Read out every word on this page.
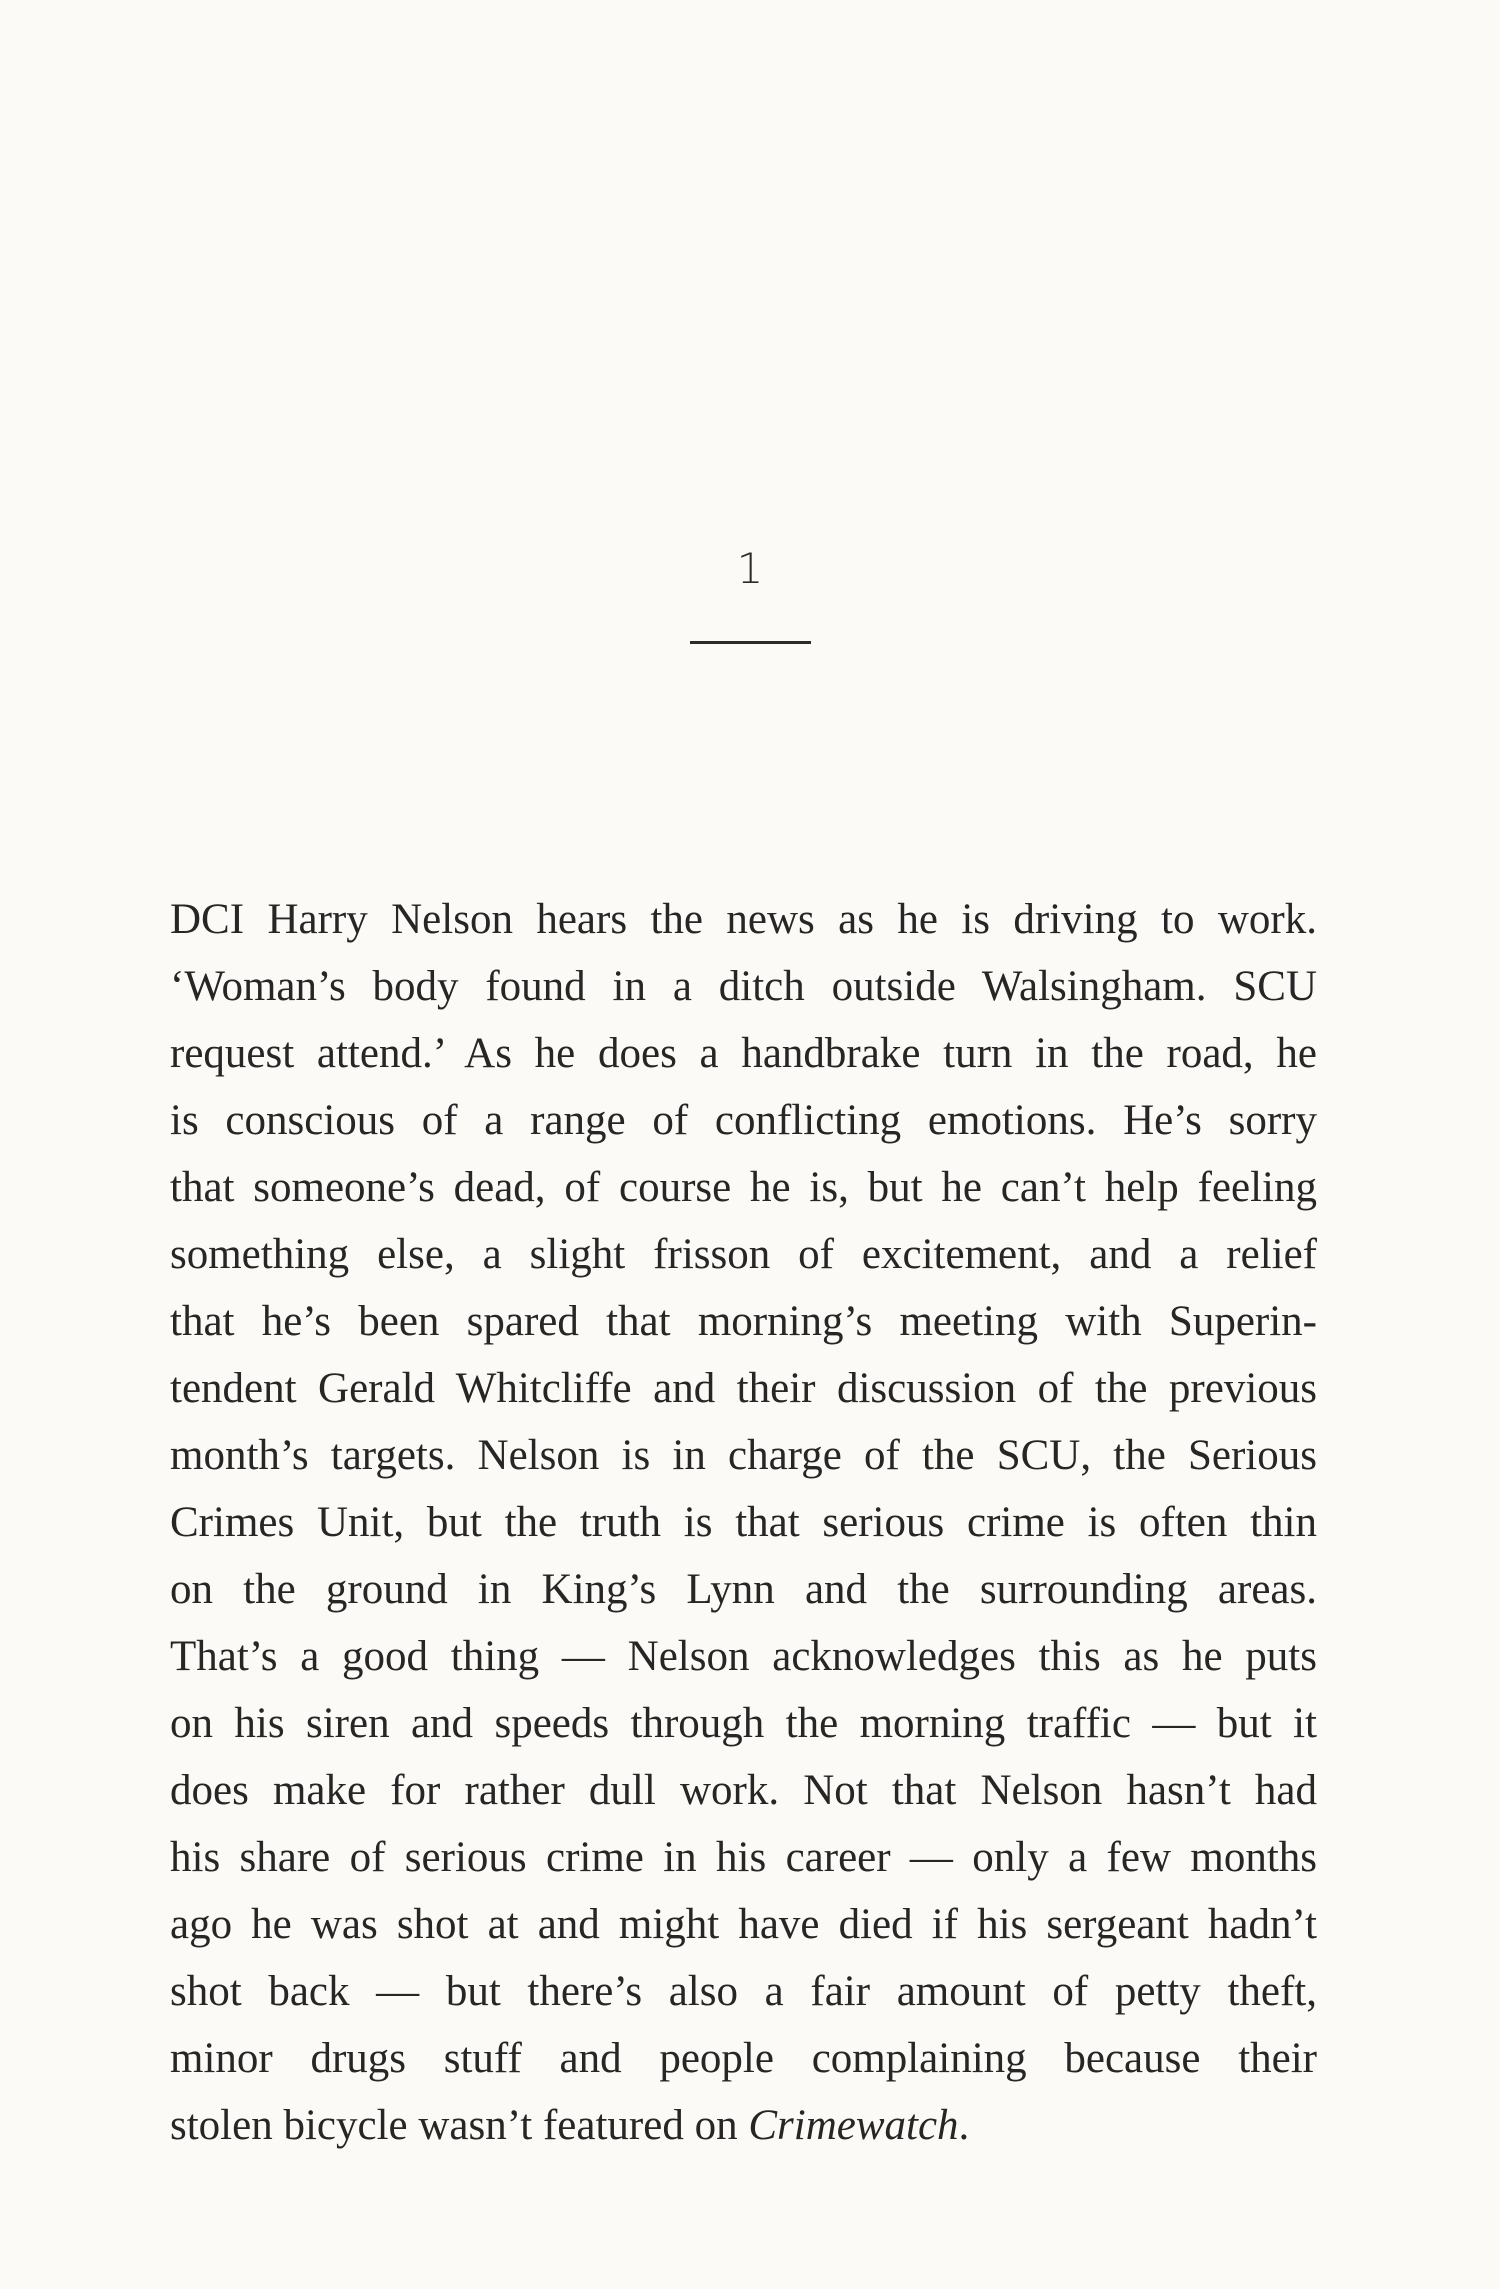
1
DCI Harry Nelson hears the news as he is driving to work.
‘Woman’s body found in a ditch outside Walsingham. SCU
request attend.’ As he does a handbrake turn in the road, he
is conscious of a range of conflicting emotions. He’s sorry
that someone’s dead, of course he is, but he can’t help feeling
something else, a slight frisson of excitement, and a relief
that he’s been spared that morning’s meeting with Superin-
tendent Gerald Whitcliffe and their discussion of the previous
month’s targets. Nelson is in charge of the SCU, the Serious
Crimes Unit, but the truth is that serious crime is often thin
on the ground in King’s Lynn and the surrounding areas.
That’s a good thing — Nelson acknowledges this as he puts
on his siren and speeds through the morning traffic — but it
does make for rather dull work. Not that Nelson hasn’t had
his share of serious crime in his career — only a few months
ago he was shot at and might have died if his sergeant hadn’t
shot back — but there’s also a fair amount of petty theft,
minor drugs stuff and people complaining because their
stolen bicycle wasn’t featured on Crimewatch.
